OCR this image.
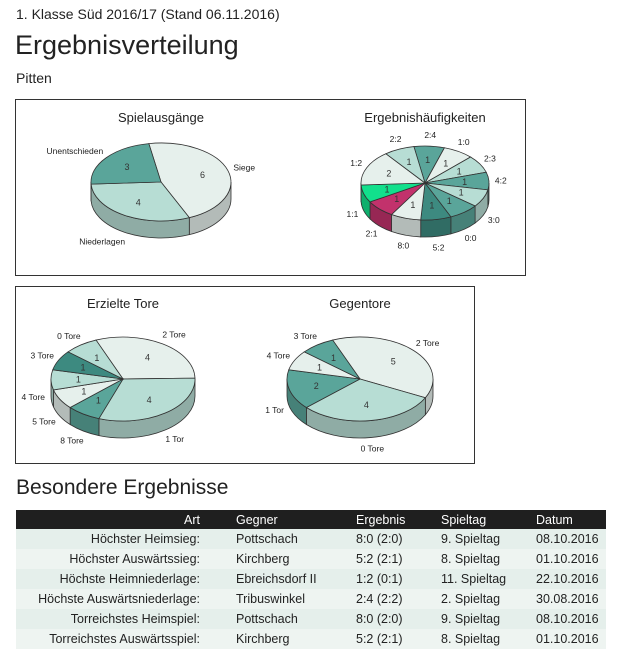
1. Klasse Süd 2016/17 (Stand 06.11.2016)
Ergebnisverteilung
Pitten
Spielausgänge
6
Siege
4
Niederlagen
3
Unentschieden
Ergebnishäufigkeiten
1
2:4
1
1:0
1
2:3
1	4:2
1
3:0
1
0:0
1
5:2
1
8:0
1
2:1
1
1:1
2
1:2	1
2:2
Erzielte Tore
4
2 Tore
4
1 Tor
1
8 Tore
1
5 Tore
1
4 Tore
1
3 Tore	1
0 Tore
Gegentore
5
2 Tore
4
0 Tore
2
1 Tor
1
4 Tore	1
3 Tore
Besondere Ergebnisse
Art	Gegner	Ergebnis	Spieltag	Datum
Höchster Heimsieg:	Pottschach	8:0 (2:0)	9. Spieltag	08.10.2016
Höchster Auswärtssieg:	Kirchberg	5:2 (2:1)	8. Spieltag	01.10.2016
Höchste Heimniederlage:	Ebreichsdorf II	1:2 (0:1)	11. Spieltag	22.10.2016
Höchste Auswärtsniederlage:	Tribuswinkel	2:4 (2:2)	2. Spieltag	30.08.2016
Torreichstes Heimspiel:	Pottschach	8:0 (2:0)	9. Spieltag	08.10.2016
Torreichstes Auswärtsspiel:	Kirchberg	5:2 (2:1)	8. Spieltag	01.10.2016
